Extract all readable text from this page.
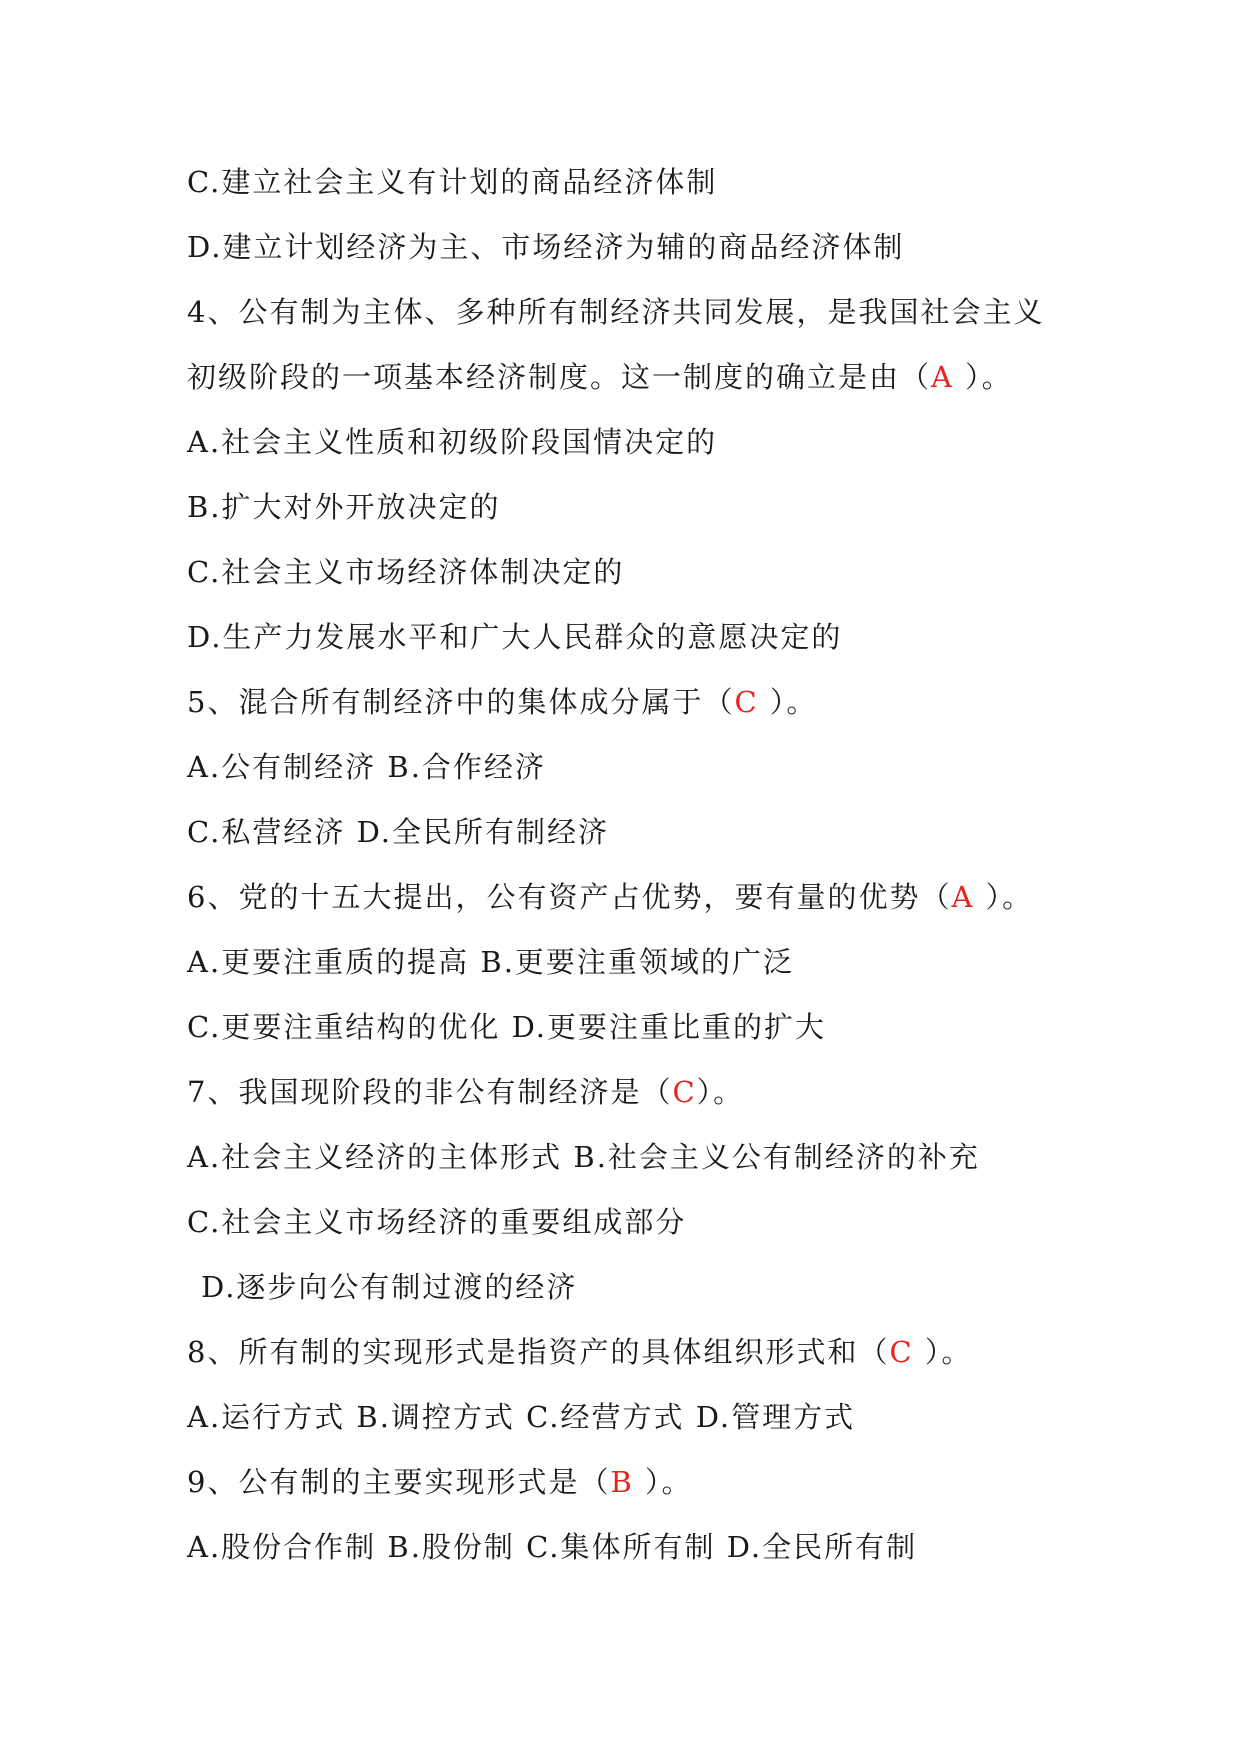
C.建立社会主义有计划的商品经济体制
D.建立计划经济为主、市场经济为辅的商品经济体制
4、公有制为主体、多种所有制经济共同发展，是我国社会主义
初级阶段的一项基本经济制度。这一制度的确立是由（A ）。
A.社会主义性质和初级阶段国情决定的
B.扩大对外开放决定的
C.社会主义市场经济体制决定的
D.生产力发展水平和广大人民群众的意愿决定的
5、混合所有制经济中的集体成分属于（C ）。
A.公有制经济 B.合作经济
C.私营经济 D.全民所有制经济
6、党的十五大提出，公有资产占优势，要有量的优势（A ）。
A.更要注重质的提高 B.更要注重领域的广泛
C.更要注重结构的优化 D.更要注重比重的扩大
7、我国现阶段的非公有制经济是（C）。
A.社会主义经济的主体形式 B.社会主义公有制经济的补充
C.社会主义市场经济的重要组成部分
D.逐步向公有制过渡的经济
8、所有制的实现形式是指资产的具体组织形式和（C ）。
A.运行方式 B.调控方式 C.经营方式 D.管理方式
9、公有制的主要实现形式是（B ）。
A.股份合作制 B.股份制 C.集体所有制 D.全民所有制
